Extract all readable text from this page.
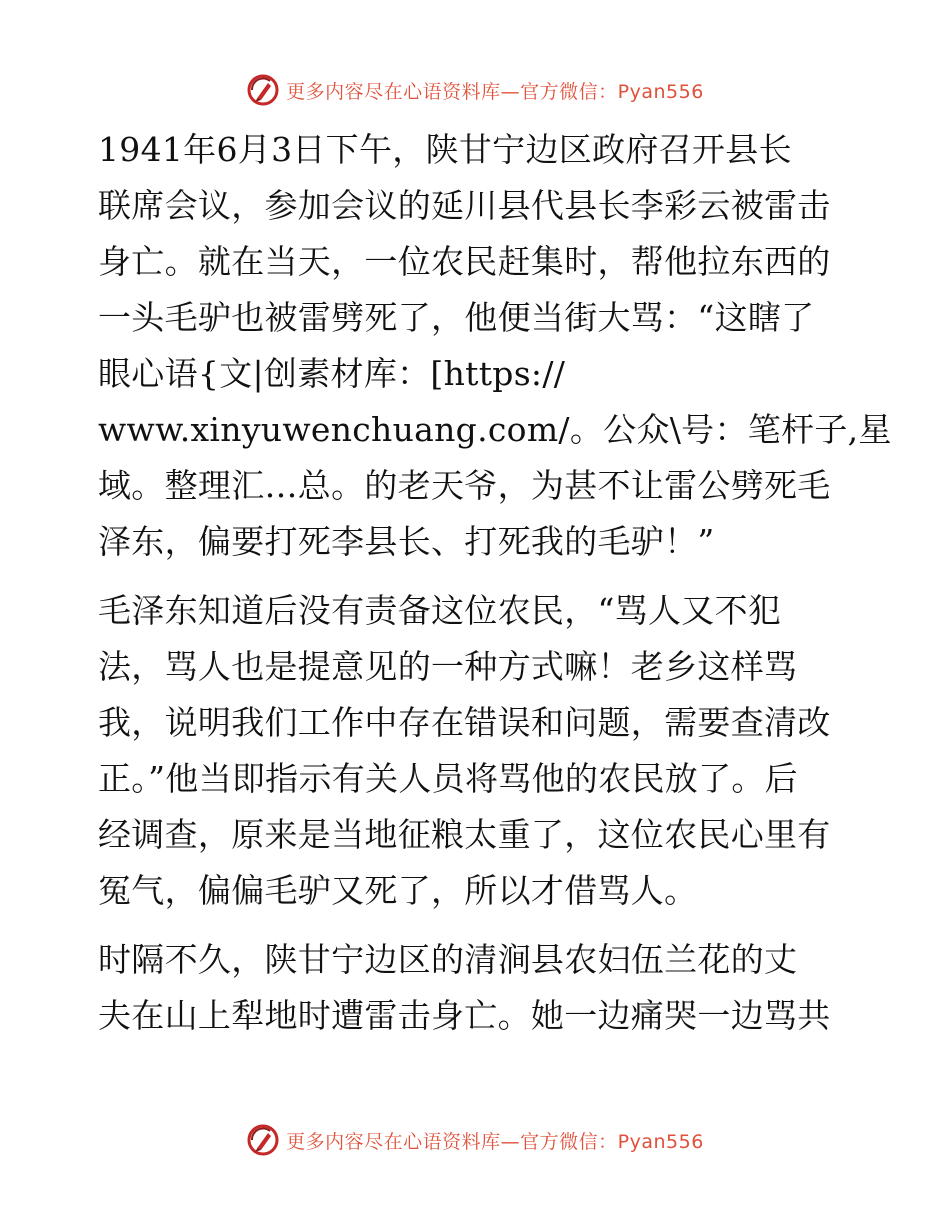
更多内容尽在心语资料库—官方微信：Pyan556
1941年6月3日下午，陕甘宁边区政府召开县长
联席会议，参加会议的延川县代县长李彩云被雷击
身亡。就在当天，一位农民赶集时，帮他拉东西的
一头毛驴也被雷劈死了，他便当街大骂：“这瞎了
眼心语{文|创素材库：[https://
www.xinyuwenchuang.com/。公众\号：笔杆子,星
域。整理汇…总。的老天爷，为甚不让雷公劈死毛
泽东，偏要打死李县长、打死我的毛驴！”
毛泽东知道后没有责备这位农民，“骂人又不犯
法，骂人也是提意见的一种方式嘛！老乡这样骂
我，说明我们工作中存在错误和问题，需要查清改
正。”他当即指示有关人员将骂他的农民放了。后
经调查，原来是当地征粮太重了，这位农民心里有
冤气，偏偏毛驴又死了，所以才借骂人。
时隔不久，陕甘宁边区的清涧县农妇伍兰花的丈
夫在山上犁地时遭雷击身亡。她一边痛哭一边骂共
更多内容尽在心语资料库—官方微信：Pyan556
